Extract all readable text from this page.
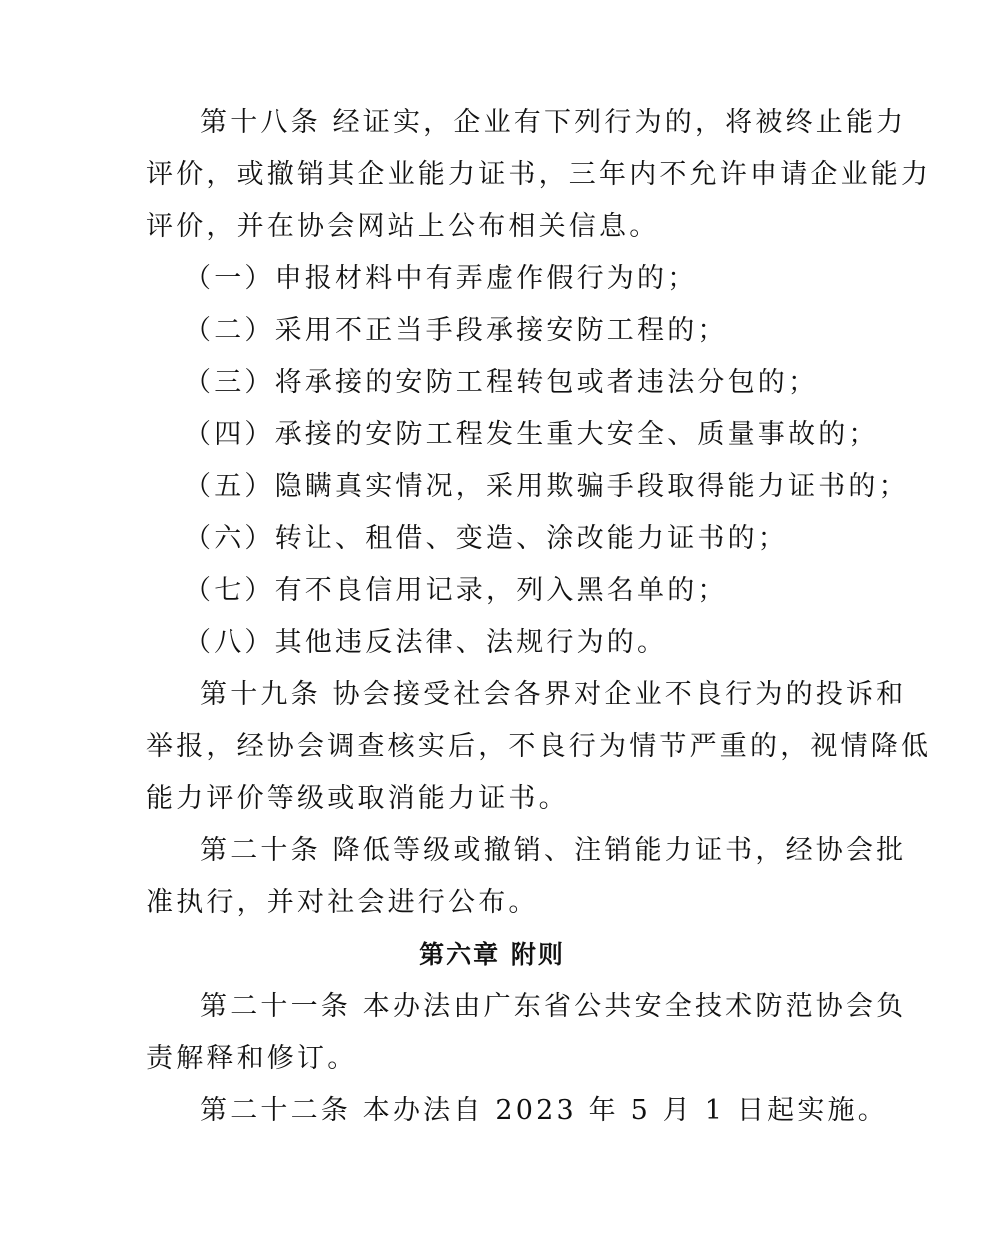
第十八条 经证实，企业有下列行为的，将被终止能力
评价，或撤销其企业能力证书，三年内不允许申请企业能力
评价，并在协会网站上公布相关信息。
（一）申报材料中有弄虚作假行为的；
（二）采用不正当手段承接安防工程的；
（三）将承接的安防工程转包或者违法分包的；
（四）承接的安防工程发生重大安全、质量事故的；
（五）隐瞒真实情况，采用欺骗手段取得能力证书的；
（六）转让、租借、变造、涂改能力证书的；
（七）有不良信用记录，列入黑名单的；
（八）其他违反法律、法规行为的。
第十九条 协会接受社会各界对企业不良行为的投诉和
举报，经协会调查核实后，不良行为情节严重的，视情降低
能力评价等级或取消能力证书。
第二十条 降低等级或撤销、注销能力证书，经协会批
准执行，并对社会进行公布。
第六章 附则
第二十一条 本办法由广东省公共安全技术防范协会负
责解释和修订。
第二十二条 本办法自 2023 年 5 月 1 日起实施。
